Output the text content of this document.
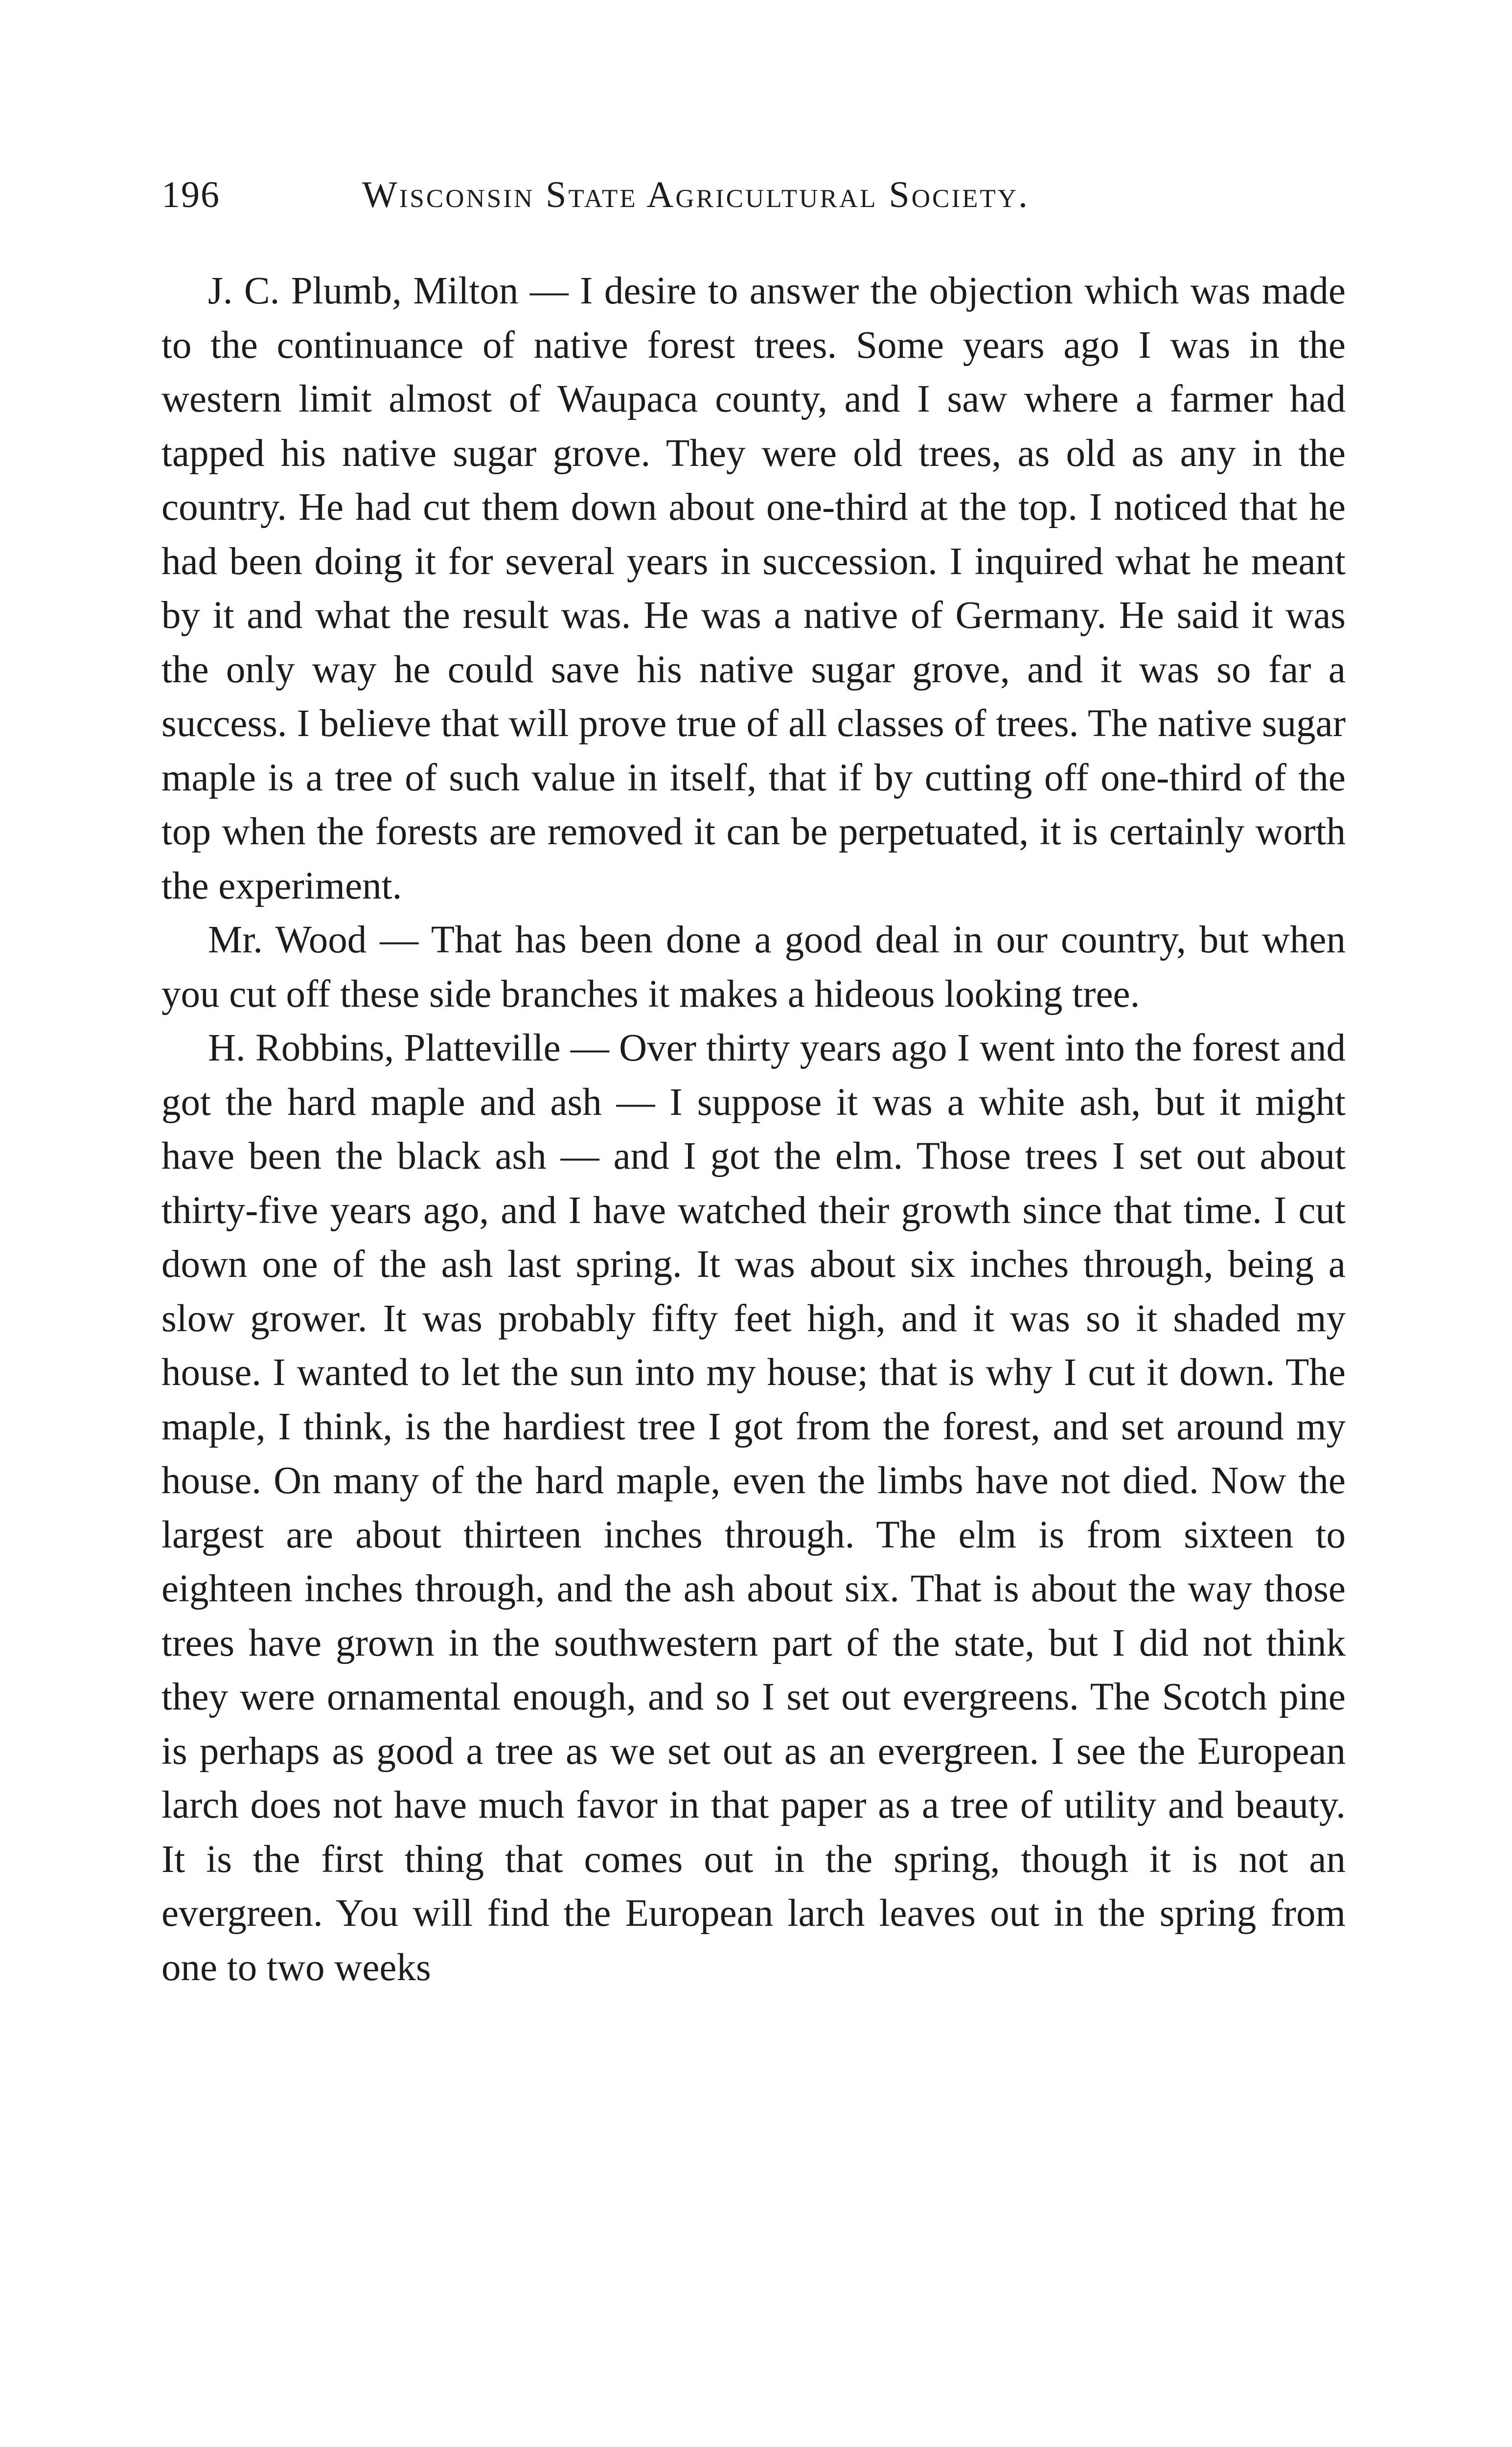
196	Wisconsin State Agricultural Society.

J. C. Plumb, Milton — I desire to answer the objection which was made to the continuance of native forest trees. Some years ago I was in the western limit almost of Waupaca county, and I saw where a farmer had tapped his native sugar grove. They were old trees, as old as any in the country. He had cut them down about one-third at the top. I noticed that he had been doing it for several years in succession. I inquired what he meant by it and what the result was. He was a native of Germany. He said it was the only way he could save his native sugar grove, and it was so far a success. I believe that will prove true of all classes of trees. The native sugar maple is a tree of such value in itself, that if by cutting off one-third of the top when the forests are removed it can be perpetuated, it is certainly worth the experiment.

Mr. Wood — That has been done a good deal in our country, but when you cut off these side branches it makes a hideous looking tree.

H. Robbins, Platteville — Over thirty years ago I went into the forest and got the hard maple and ash — I suppose it was a white ash, but it might have been the black ash — and I got the elm. Those trees I set out about thirty-five years ago, and I have watched their growth since that time. I cut down one of the ash last spring. It was about six inches through, being a slow grower. It was probably fifty feet high, and it was so it shaded my house. I wanted to let the sun into my house; that is why I cut it down. The maple, I think, is the hardiest tree I got from the forest, and set around my house. On many of the hard maple, even the limbs have not died. Now the largest are about thirteen inches through. The elm is from sixteen to eighteen inches through, and the ash about six. That is about the way those trees have grown in the southwestern part of the state, but I did not think they were ornamental enough, and so I set out evergreens. The Scotch pine is perhaps as good a tree as we set out as an evergreen. I see the European larch does not have much favor in that paper as a tree of utility and beauty. It is the first thing that comes out in the spring, though it is not an evergreen. You will find the European larch leaves out in the spring from one to two weeks
